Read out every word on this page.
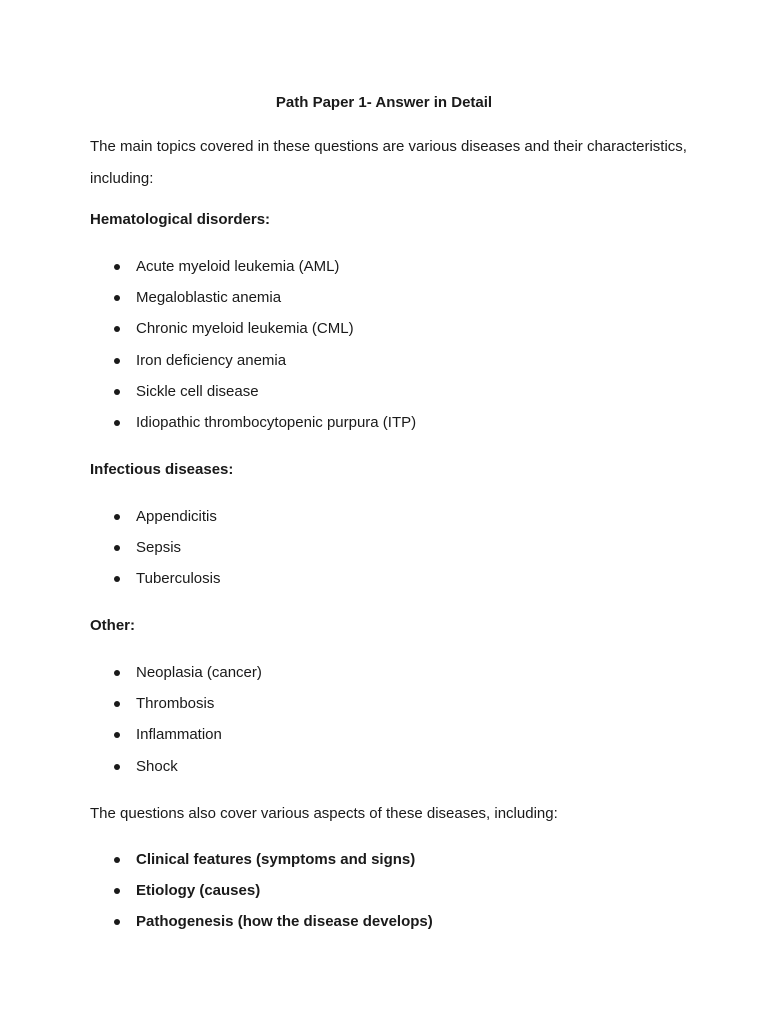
Path Paper 1- Answer in Detail

The main topics covered in these questions are various diseases and their characteristics, including:

Hematological disorders:
Acute myeloid leukemia (AML)
Megaloblastic anemia
Chronic myeloid leukemia (CML)
Iron deficiency anemia
Sickle cell disease
Idiopathic thrombocytopenic purpura (ITP)
Infectious diseases:
Appendicitis
Sepsis
Tuberculosis
Other:
Neoplasia (cancer)
Thrombosis
Inflammation
Shock

The questions also cover various aspects of these diseases, including:

Clinical features (symptoms and signs)
Etiology (causes)
Pathogenesis (how the disease develops)
